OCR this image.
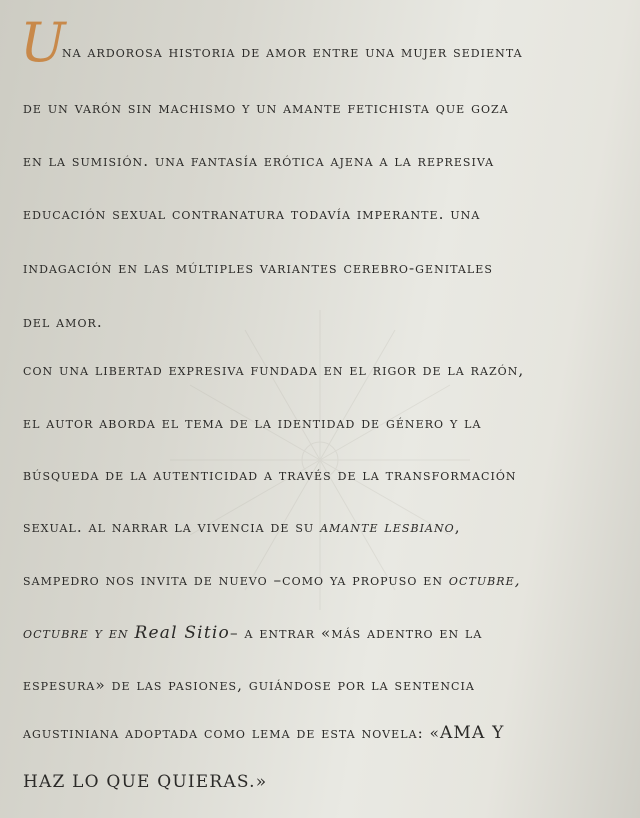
U
na ardorosa historia de amor entre una mujer sedienta
de un varón sin machismo y un amante fetichista que goza
en la sumisión. una fantasía erótica ajena a la represiva
educación sexual contranatura todavía imperante. una
indagación en las múltiples variantes cerebro-genitales
del amor.
con una libertad expresiva fundada en el rigor de la razón,
el autor aborda el tema de la identidad de género y la
búsqueda de la autenticidad a través de la transformación
sexual. al narrar la vivencia de su amante lesbiano,
sampedro nos invita de nuevo –como ya propuso en octubre,
octubre y en Real Sitio– a entrar «más adentro en la
espesura» de las pasiones, guiándose por la sentencia
agustiniana adoptada como lema de esta novela: «AMA Y
HAZ LO QUE QUIERAS.»
